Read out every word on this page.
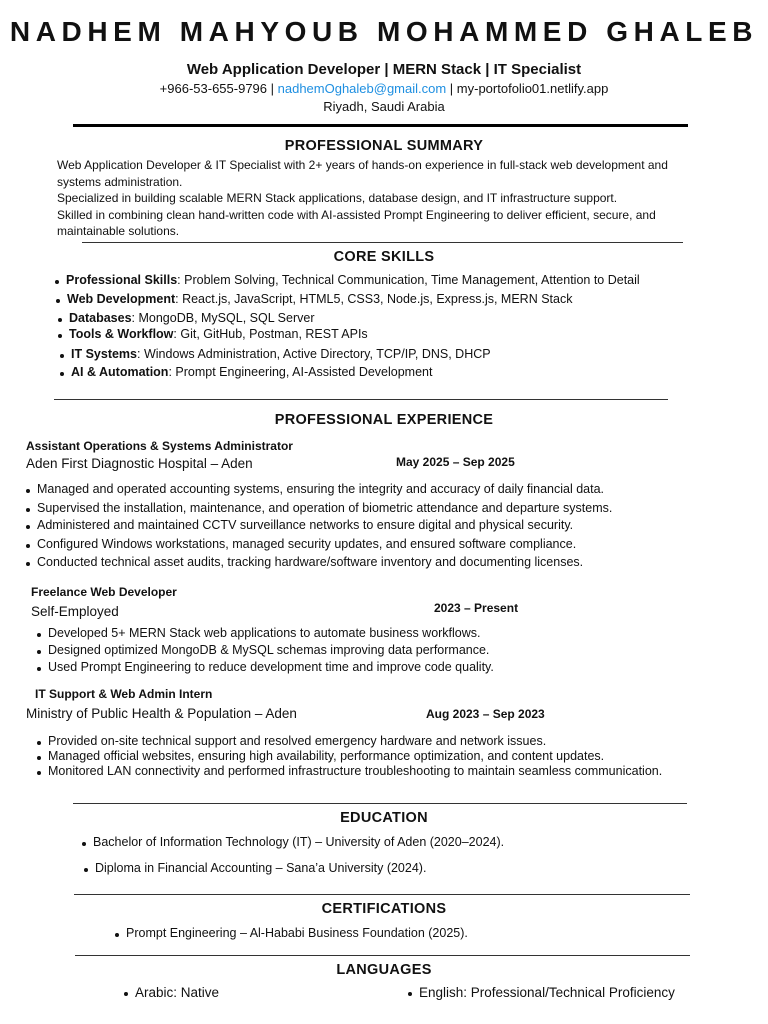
NADHEM MAHYOUB MOHAMMED GHALEB
Web Application Developer | MERN Stack | IT Specialist
+966-53-655-9796 | nadhemOghaleb@gmail.com | my-portofolio01.netlify.app
Riyadh, Saudi Arabia
PROFESSIONAL SUMMARY

Web Application Developer & IT Specialist with 2+ years of hands-on experience in full-stack web development and systems administration.

Specialized in building scalable MERN Stack applications, database design, and IT infrastructure support.

Skilled in combining clean hand-written code with AI-assisted Prompt Engineering to deliver efficient, secure, and maintainable solutions.

CORE SKILLS
Professional Skills: Problem Solving, Technical Communication, Time Management, Attention to Detail
Web Development: React.js, JavaScript, HTML5, CSS3, Node.js, Express.js, MERN Stack
Databases: MongoDB, MySQL, SQL Server
Tools & Workflow: Git, GitHub, Postman, REST APIs
IT Systems: Windows Administration, Active Directory, TCP/IP, DNS, DHCP
AI & Automation: Prompt Engineering, AI-Assisted Development
PROFESSIONAL EXPERIENCE
Assistant Operations & Systems Administrator
Aden First Diagnostic Hospital – Aden	May 2025 – Sep 2025
Managed and operated accounting systems, ensuring the integrity and accuracy of daily financial data.
Supervised the installation, maintenance, and operation of biometric attendance and departure systems.
Administered and maintained CCTV surveillance networks to ensure digital and physical security.
Configured Windows workstations, managed security updates, and ensured software compliance.
Conducted technical asset audits, tracking hardware/software inventory and documenting licenses.
Freelance Web Developer
Self-Employed	2023 – Present
Developed 5+ MERN Stack web applications to automate business workflows.
Designed optimized MongoDB & MySQL schemas improving data performance.
Used Prompt Engineering to reduce development time and improve code quality.
IT Support & Web Admin Intern
Ministry of Public Health & Population – Aden	Aug 2023 – Sep 2023
Provided on-site technical support and resolved emergency hardware and network issues.
Managed official websites, ensuring high availability, performance optimization, and content updates.
Monitored LAN connectivity and performed infrastructure troubleshooting to maintain seamless communication.
EDUCATION
Bachelor of Information Technology (IT) – University of Aden (2020–2024).
Diploma in Financial Accounting – Sana’a University (2024).
CERTIFICATIONS
Prompt Engineering – Al-Hababi Business Foundation (2025).
LANGUAGES
Arabic: Native	English: Professional/Technical Proficiency
